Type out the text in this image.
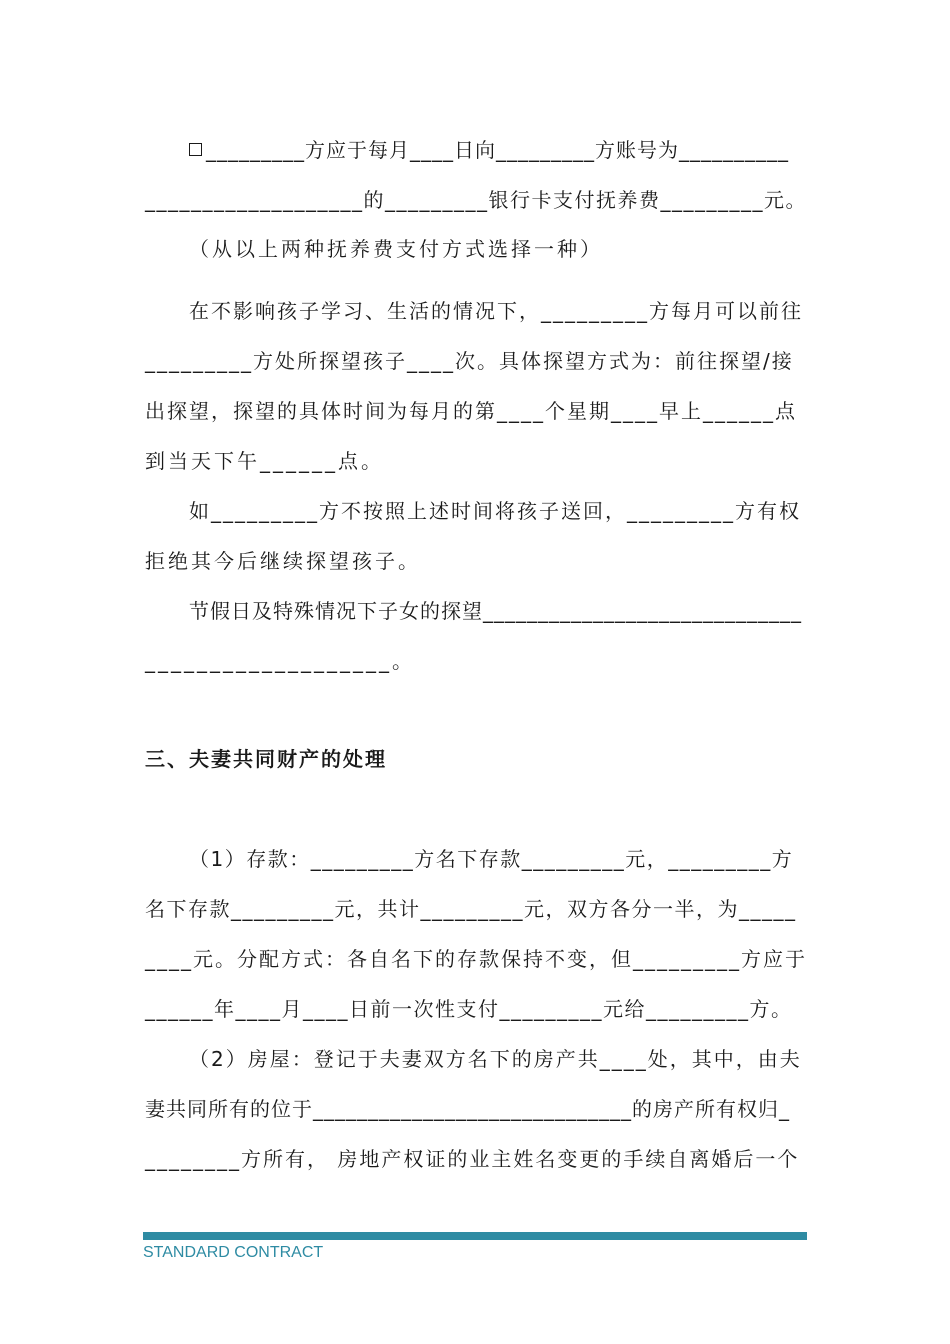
_________方应于每月____日向_________方账号为__________
___________________的_________银行卡支付抚养费_________元。
（从以上两种抚养费支付方式选择一种）
在不影响孩子学习、生活的情况下，_________方每月可以前往
_________方处所探望孩子____次。具体探望方式为：前往探望/接
出探望，探望的具体时间为每月的第____个星期____早上______点
到当天下午______点。
如_________方不按照上述时间将孩子送回，_________方有权
拒绝其今后继续探望孩子。
节假日及特殊情况下子女的探望_____________________________
___________________。
三、夫妻共同财产的处理
（1）存款：_________方名下存款_________元，_________方
名下存款_________元，共计_________元，双方各分一半，为_____
____元。分配方式：各自名下的存款保持不变，但_________方应于
______年____月____日前一次性支付_________元给_________方。
（2）房屋：登记于夫妻双方名下的房产共____处，其中，由夫
妻共同所有的位于_____________________________的房产所有权归_
________方所有， 房地产权证的业主姓名变更的手续自离婚后一个
STANDARD CONTRACT
